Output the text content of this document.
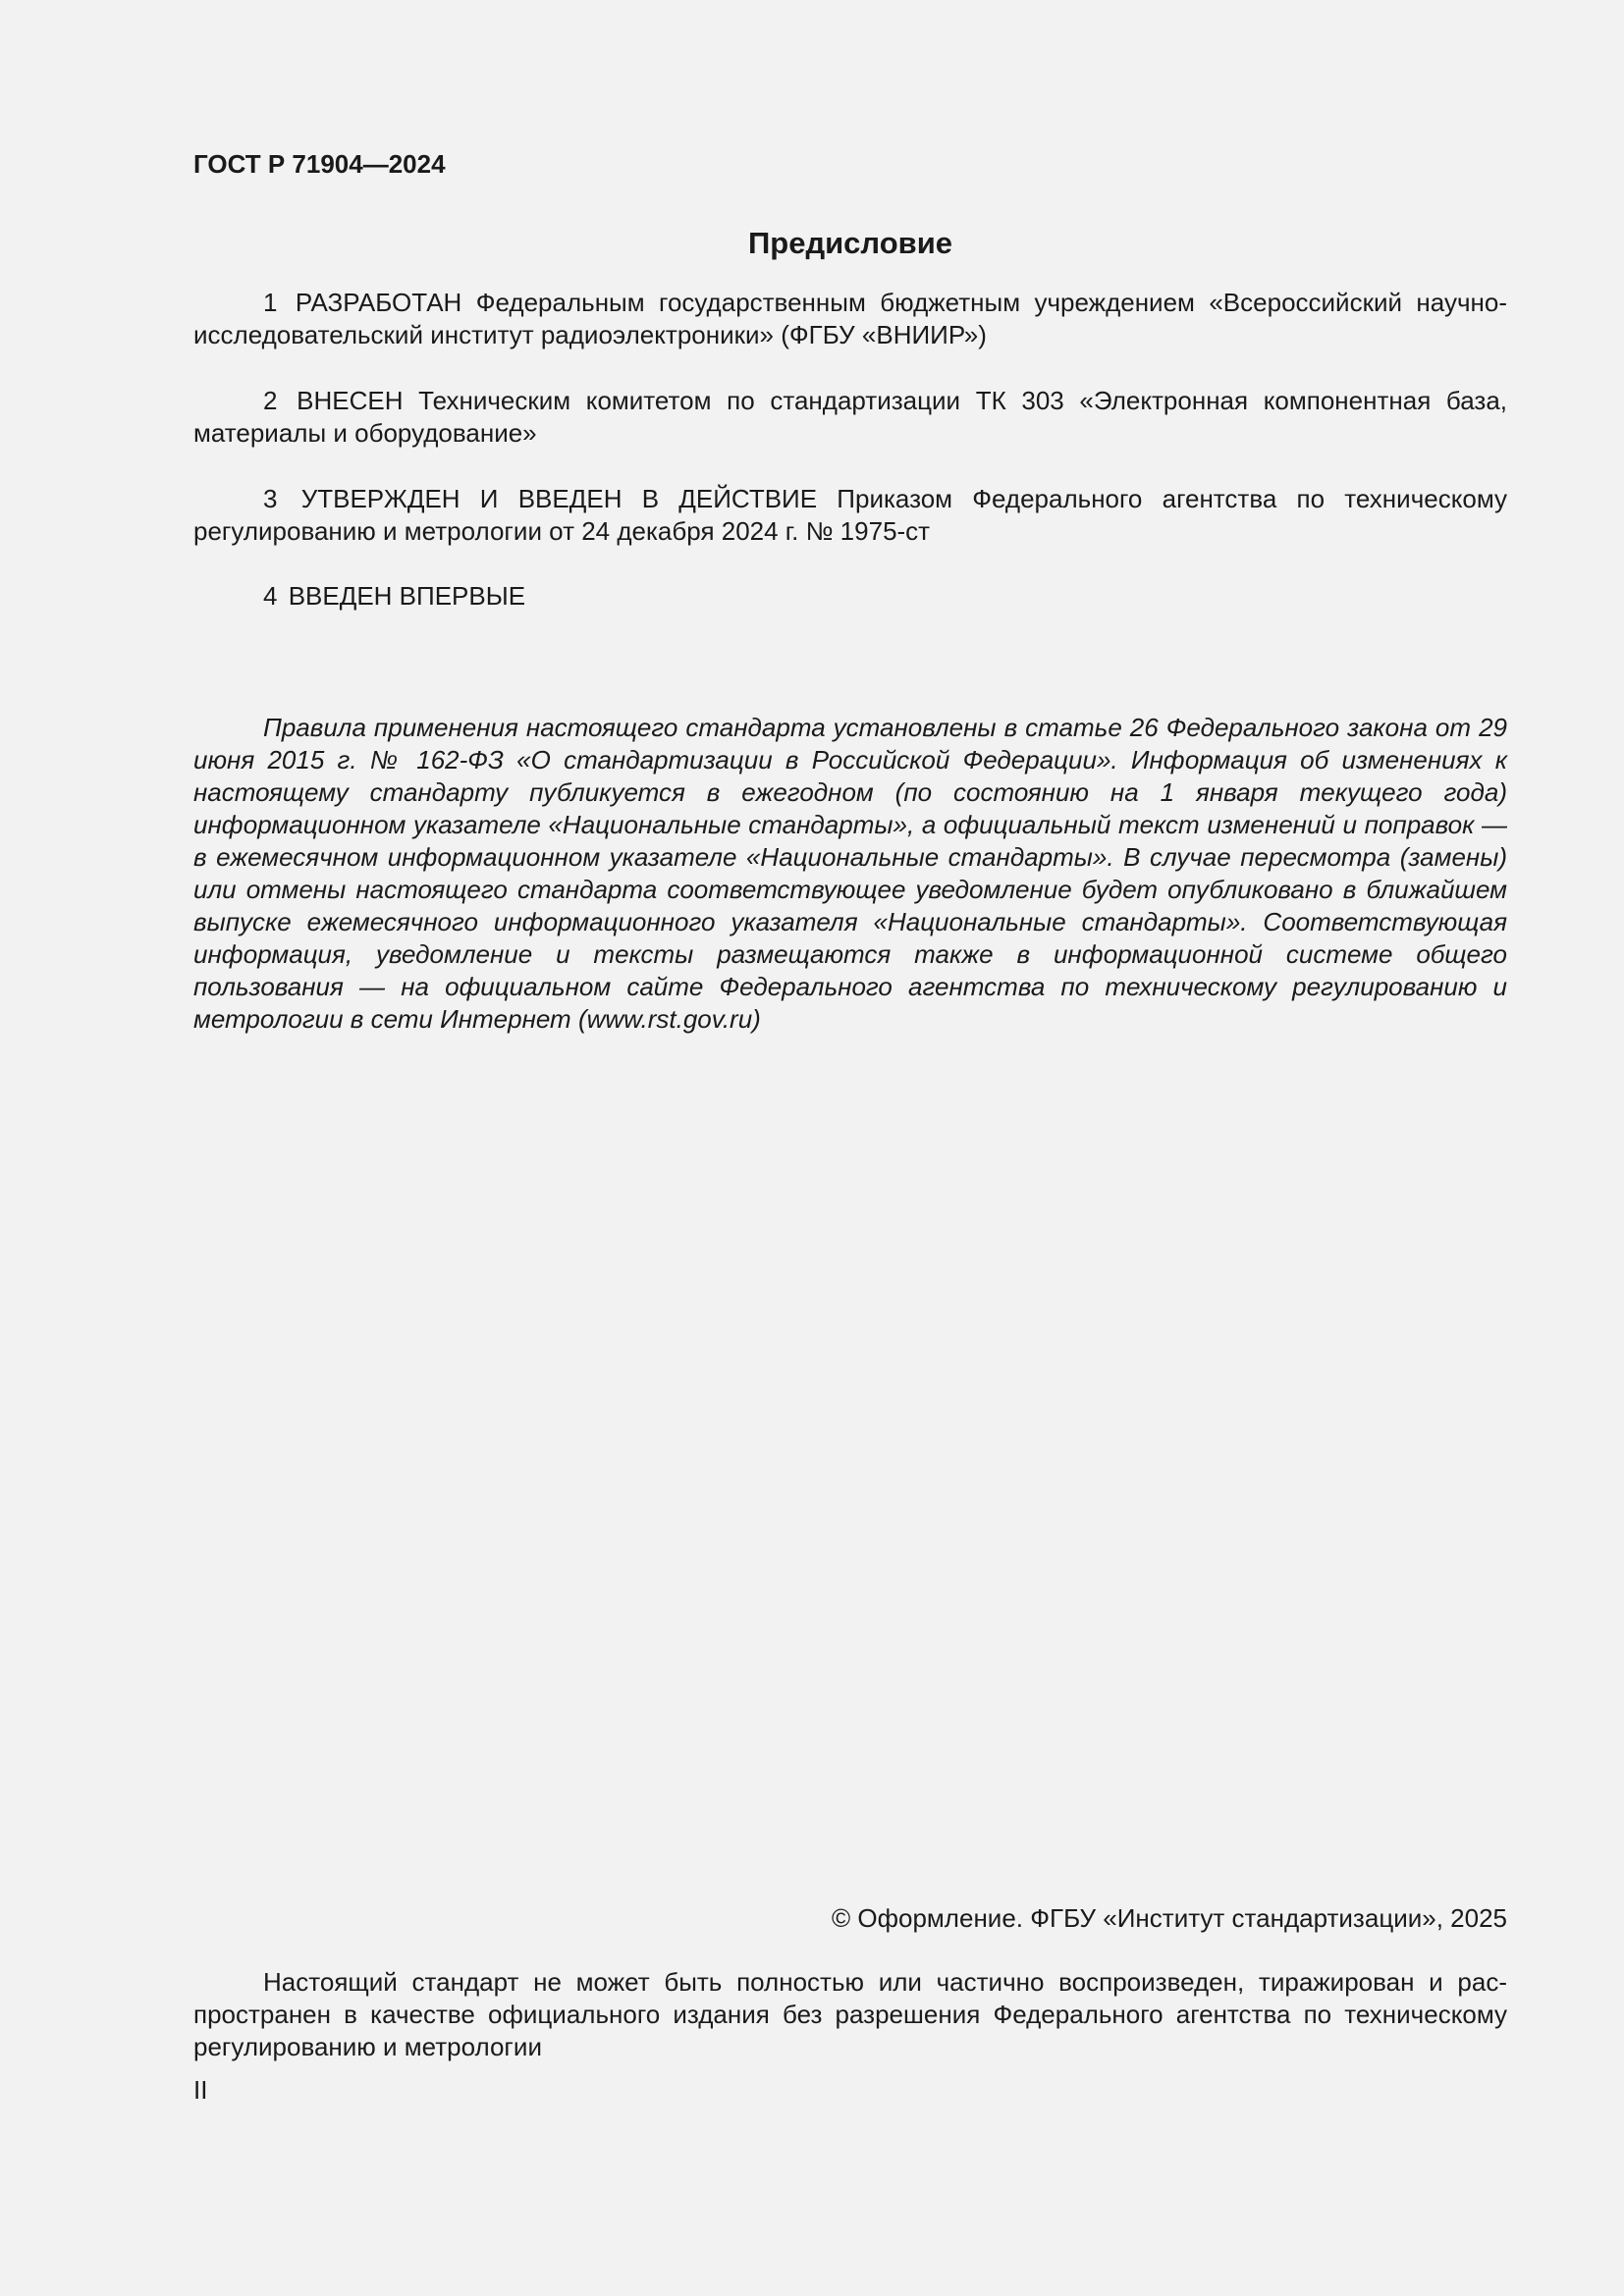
ГОСТ Р 71904—2024

Предисловие

1 РАЗРАБОТАН Федеральным государственным бюджетным учреждением «Всероссийский научно-исследовательский институт радиоэлектроники» (ФГБУ «ВНИИР»)

2 ВНЕСЕН Техническим комитетом по стандартизации ТК 303 «Электронная компонентная база, материалы и оборудование»

3 УТВЕРЖДЕН И ВВЕДЕН В ДЕЙСТВИЕ Приказом Федерального агентства по техническому регулированию и метрологии от 24 декабря 2024 г. № 1975-ст

4 ВВЕДЕН ВПЕРВЫЕ

Правила применения настоящего стандарта установлены в статье 26 Федерального закона от 29 июня 2015 г. № 162-ФЗ «О стандартизации в Российской Федерации». Информация об изменениях к настоящему стандарту публикуется в ежегодном (по состоянию на 1 января текущего года) информационном указателе «Национальные стандарты», а официальный текст изменений и поправок — в ежемесячном информационном указателе «Национальные стандарты». В случае пересмотра (замены) или отмены настоящего стандарта соответствующее уведомление будет опубликовано в ближайшем выпуске ежемесячного информационного указателя «Национальные стандарты». Соответствующая информация, уведомление и тексты размещаются также в информационной системе общего пользования — на официальном сайте Федерального агентства по техническому регулированию и метрологии в сети Интернет (www.rst.gov.ru)

© Оформление. ФГБУ «Институт стандартизации», 2025

Настоящий стандарт не может быть полностью или частично воспроизведен, тиражирован и распространен в качестве официального издания без разрешения Федерального агентства по техническому регулированию и метрологии

II
